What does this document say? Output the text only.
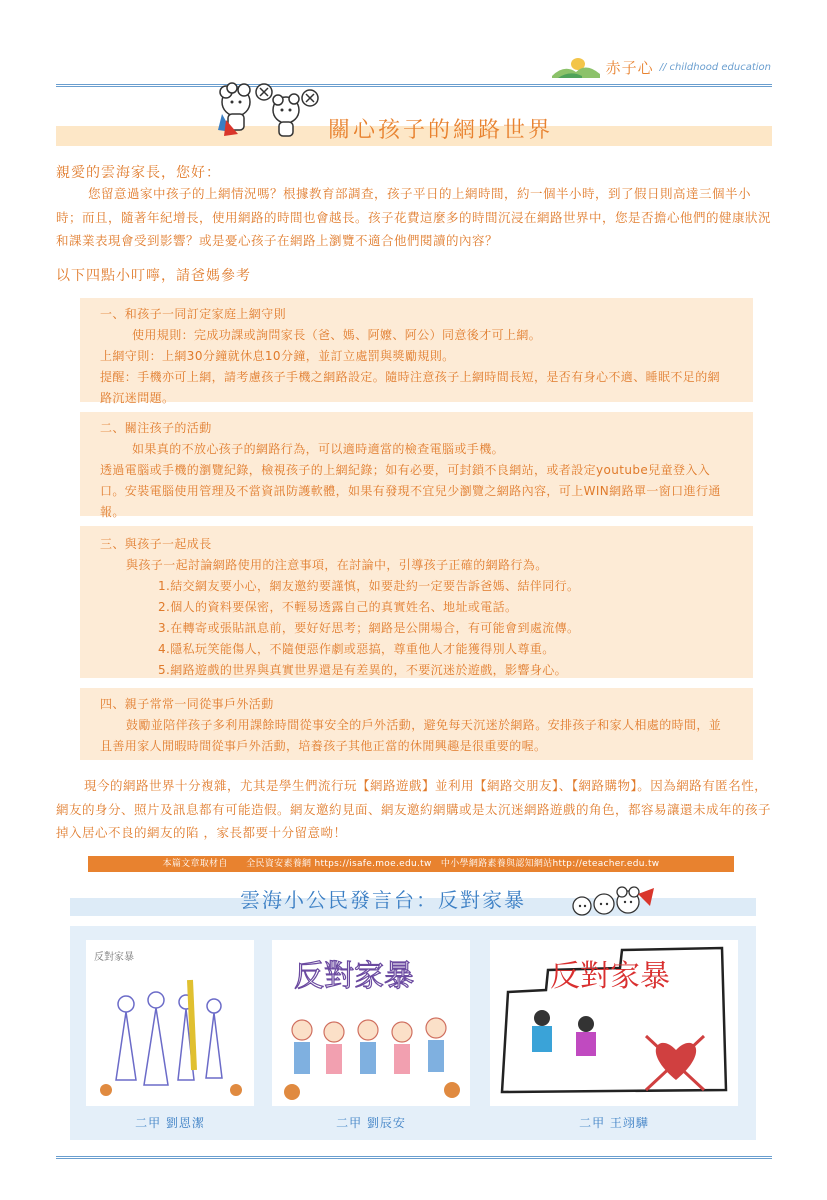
赤子心 // childhood education
關心孩子的網路世界
親愛的雲海家長，您好：

您留意過家中孩子的上網情況嗎？根據教育部調查，孩子平日的上網時間，約一個半小時，到了假日則高達三個半小時；而且，隨著年紀增長，使用網路的時間也會越長。孩子花費這麼多的時間沉浸在網路世界中，您是否擔心他們的健康狀況和課業表現會受到影響？或是憂心孩子在網路上瀏覽不適合他們閱讀的內容？

以下四點小叮嚀，請爸媽參考
一、和孩子一同訂定家庭上網守則
使用規則：完成功課或詢問家長（爸、媽、阿嬤、阿公）同意後才可上網。
上網守則：上網30分鐘就休息10分鐘，並訂立處罰與獎勵規則。
提醒：手機亦可上網，請考慮孩子手機之網路設定。隨時注意孩子上網時間長短，是否有身心不適、睡眠不足的網路沉迷問題。
二、關注孩子的活動
如果真的不放心孩子的網路行為，可以適時適當的檢查電腦或手機。
透過電腦或手機的瀏覽紀錄，檢視孩子的上網紀錄；如有必要，可封鎖不良網站，或者設定youtube兒童登入入口。安裝電腦使用管理及不當資訊防護軟體，如果有發現不宜兒少瀏覽之網路內容，可上WIN網路單一窗口進行通報。
三、與孩子一起成長
與孩子一起討論網路使用的注意事項，在討論中，引導孩子正確的網路行為。
1.結交網友要小心，網友邀約要謹慎，如要赴約一定要告訴爸媽、結伴同行。
2.個人的資料要保密，不輕易透露自己的真實姓名、地址或電話。
3.在轉寄或張貼訊息前，要好好思考；網路是公開場合，有可能會到處流傳。
4.隱私玩笑能傷人，不隨便惡作劇或惡搞，尊重他人才能獲得別人尊重。
5.網路遊戲的世界與真實世界還是有差異的，不要沉迷於遊戲，影響身心。
四、親子常常一同從事戶外活動
鼓勵並陪伴孩子多利用課餘時間從事安全的戶外活動，避免每天沉迷於網路。安排孩子和家人相處的時間，並且善用家人閒暇時間從事戶外活動，培養孩子其他正當的休閒興趣是很重要的喔。

現今的網路世界十分複雜，尤其是學生們流行玩【網路遊戲】並利用【網路交朋友】、【網路購物】。因為網路有匿名性，網友的身分、照片及訊息都有可能造假。網友邀約見面、網友邀約網購或是太沉迷網路遊戲的角色，都容易讓還未成年的孩子掉入居心不良的網友的陷 ，家長都要十分留意呦！

本篇文章取材自　　全民資安素養網 https://isafe.moe.edu.tw　中小學網路素養與認知網站http://eteacher.edu.tw
雲海小公民發言台：反對家暴
反對家暴
反對家暴	反對家暴
二甲 劉恩潔	二甲 劉辰安	二甲 王翊驊
